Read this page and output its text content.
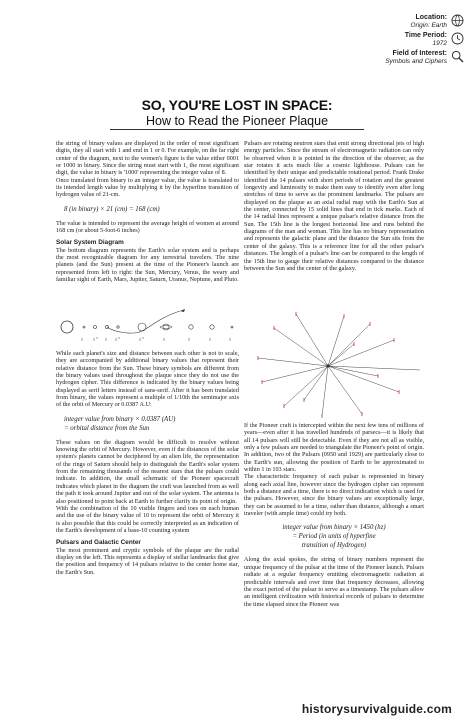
Location:
Origin: Earth
Time Period:
1972
Field of Interest:
Symbols and Ciphers
SO, YOU'RE LOST IN SPACE:
How to Read the Pioneer Plaque

the string of binary values are displayed in the order of most significant digits, they all start with 1 and end in 1 or 0. For example, on the far right center of the diagram, next to the women's figure is the value either 0001 or 1000 in binary. Since the string must start with 1, the most significant digit, the value in binary is '1000' representing the integer value of 8.

Once translated from binary to an integer value, the value is translated to its intended length value by multiplying it by the hyperfine transition of hydrogen value of 21-cm.

8 (in binary) × 21 (cm) = 168 (cm)

The value is intended to represent the average height of women at around 168 cm (or about 5-foot-6 inches)

Solar System Diagram

The bottom diagram represents the Earth's solar system and is perhaps the most recognizable diagram for any terrestrial travelers. The nine planets (and the Sun) present at the time of the Pioneer's launch are represented from left to right: the Sun, Mercury, Venus, the weary and familiar sight of Earth, Mars, Jupiter, Saturn, Uranus, Neptune, and Pluto.

While each planet's size and distance between each other is not to scale, they are accompanied by additional binary values that represent their relative distance from the Sun. These binary symbols are different from the binary values used throughout the plaque since they do not use the hydrogen cipher. This difference is indicated by the binary values being displayed as serif letters instead of sans-serif. After it has been translated from binary, the values represent a multiple of 1/10th the semimajor axis of the orbit of Mercury or 0.0387 A.U:

integer value from binary × 0.0387 (AU)
= orbital distance from the Sun

These values on the diagram would be difficult to resolve without knowing the orbit of Mercury. However, even if the distances of the solar system's planets cannot be deciphered by an alien life, the representation of the rings of Saturn should help to distinguish the Earth's solar system from the remaining thousands of the nearest stars that the pulsars could indicate. In addition, the small schematic of the Pioneer spacecraft indicates which planet in the diagram the craft was launched from as well the path it took around Jupiter and out of the solar system. The antenna is also positioned to point back at Earth to further clarify its point of origin.

With the combination of the 10 visible fingers and toes on each human and the use of the binary value of 10 to represent the orbit of Mercury it is also possible that this could be correctly interpreted as an indication of the Earth's development of a base-10 counting system

Pulsars and Galactic Center

The most prominent and cryptic symbols of the plaque are the radial display on the left. This represents a display of stellar landmarks that give the position and frequency of 14 pulsars relative to the center home star, the Earth's Sun.

Pulsars are rotating neutron stars that emit strong directional jets of high energy particles. Since the stream of electromagnetic radiation can only be observed when it is pointed in the direction of the observer, as the star rotates it acts much like a cosmic lighthouse. Pulsars can be identified by their unique and predictable rotational period. Frank Drake identified the 14 pulsars with short periods of rotation and the greatest longevity and luminosity to make them easy to identify even after long stretches of time to serve as the prominent landmarks. The pulsars are displayed on the plaque as an axial radial map with the Earth's Sun at the center, connected by 15 solid lines that end in tick marks. Each of the 14 radial lines represent a unique pulsar's relative distance from the Sun. The 15th line is the longest horizontal line and runs behind the diagrams of the man and woman. This line has no binary representation and represents the galactic plane and the distance the Sun sits from the center of the galaxy. This is a reference line for all the other pulsar's distances. The length of a pulsar's line can be compared to the length of the 15th line to gauge their relative distances compared to the distance between the Sun and the center of the galaxy.

If the Pioneer craft is intercepted within the next few tens of millions of years—even after it has travelled hundreds of parsecs—it is likely that all 14 pulsars will still be detectable. Even if they are not all as visible, only a few pulsars are needed to triangulate the Pioneer's point of origin. In addition, two of the Pulsars (0950 and 1929) are particularly close to the Earth's sun, allowing the position of Earth to be approximated to within 1 in 103 stars.

The characteristic frequency of each pulsar is represented in binary along each axial line, however since the hydrogen cipher can represent both a distance and a time, there is no direct indication which is used for the pulsars. However, since the binary values are exceptionally large, they can be assumed to be a time, rather than distance, although a smart traveler (with ample time) could try both.

integer value from binary × 1450 (hz)
= Period (in units of hyperfine
transition of Hydrogen)

Along the axial spokes, the string of binary numbers represent the unique frequency of the pulsar at the time of the Pioneer launch. Pulsars radiate at a regular frequency emitting electromagnetic radiation at predictable intervals and over time that frequency decreases, allowing the exact period of the pulsar to serve as a timestamp. The pulsars allow an intelligent civilization with historical records of pulsars to determine the time elapsed since the Pioneer was

historysurvivalguide.com
